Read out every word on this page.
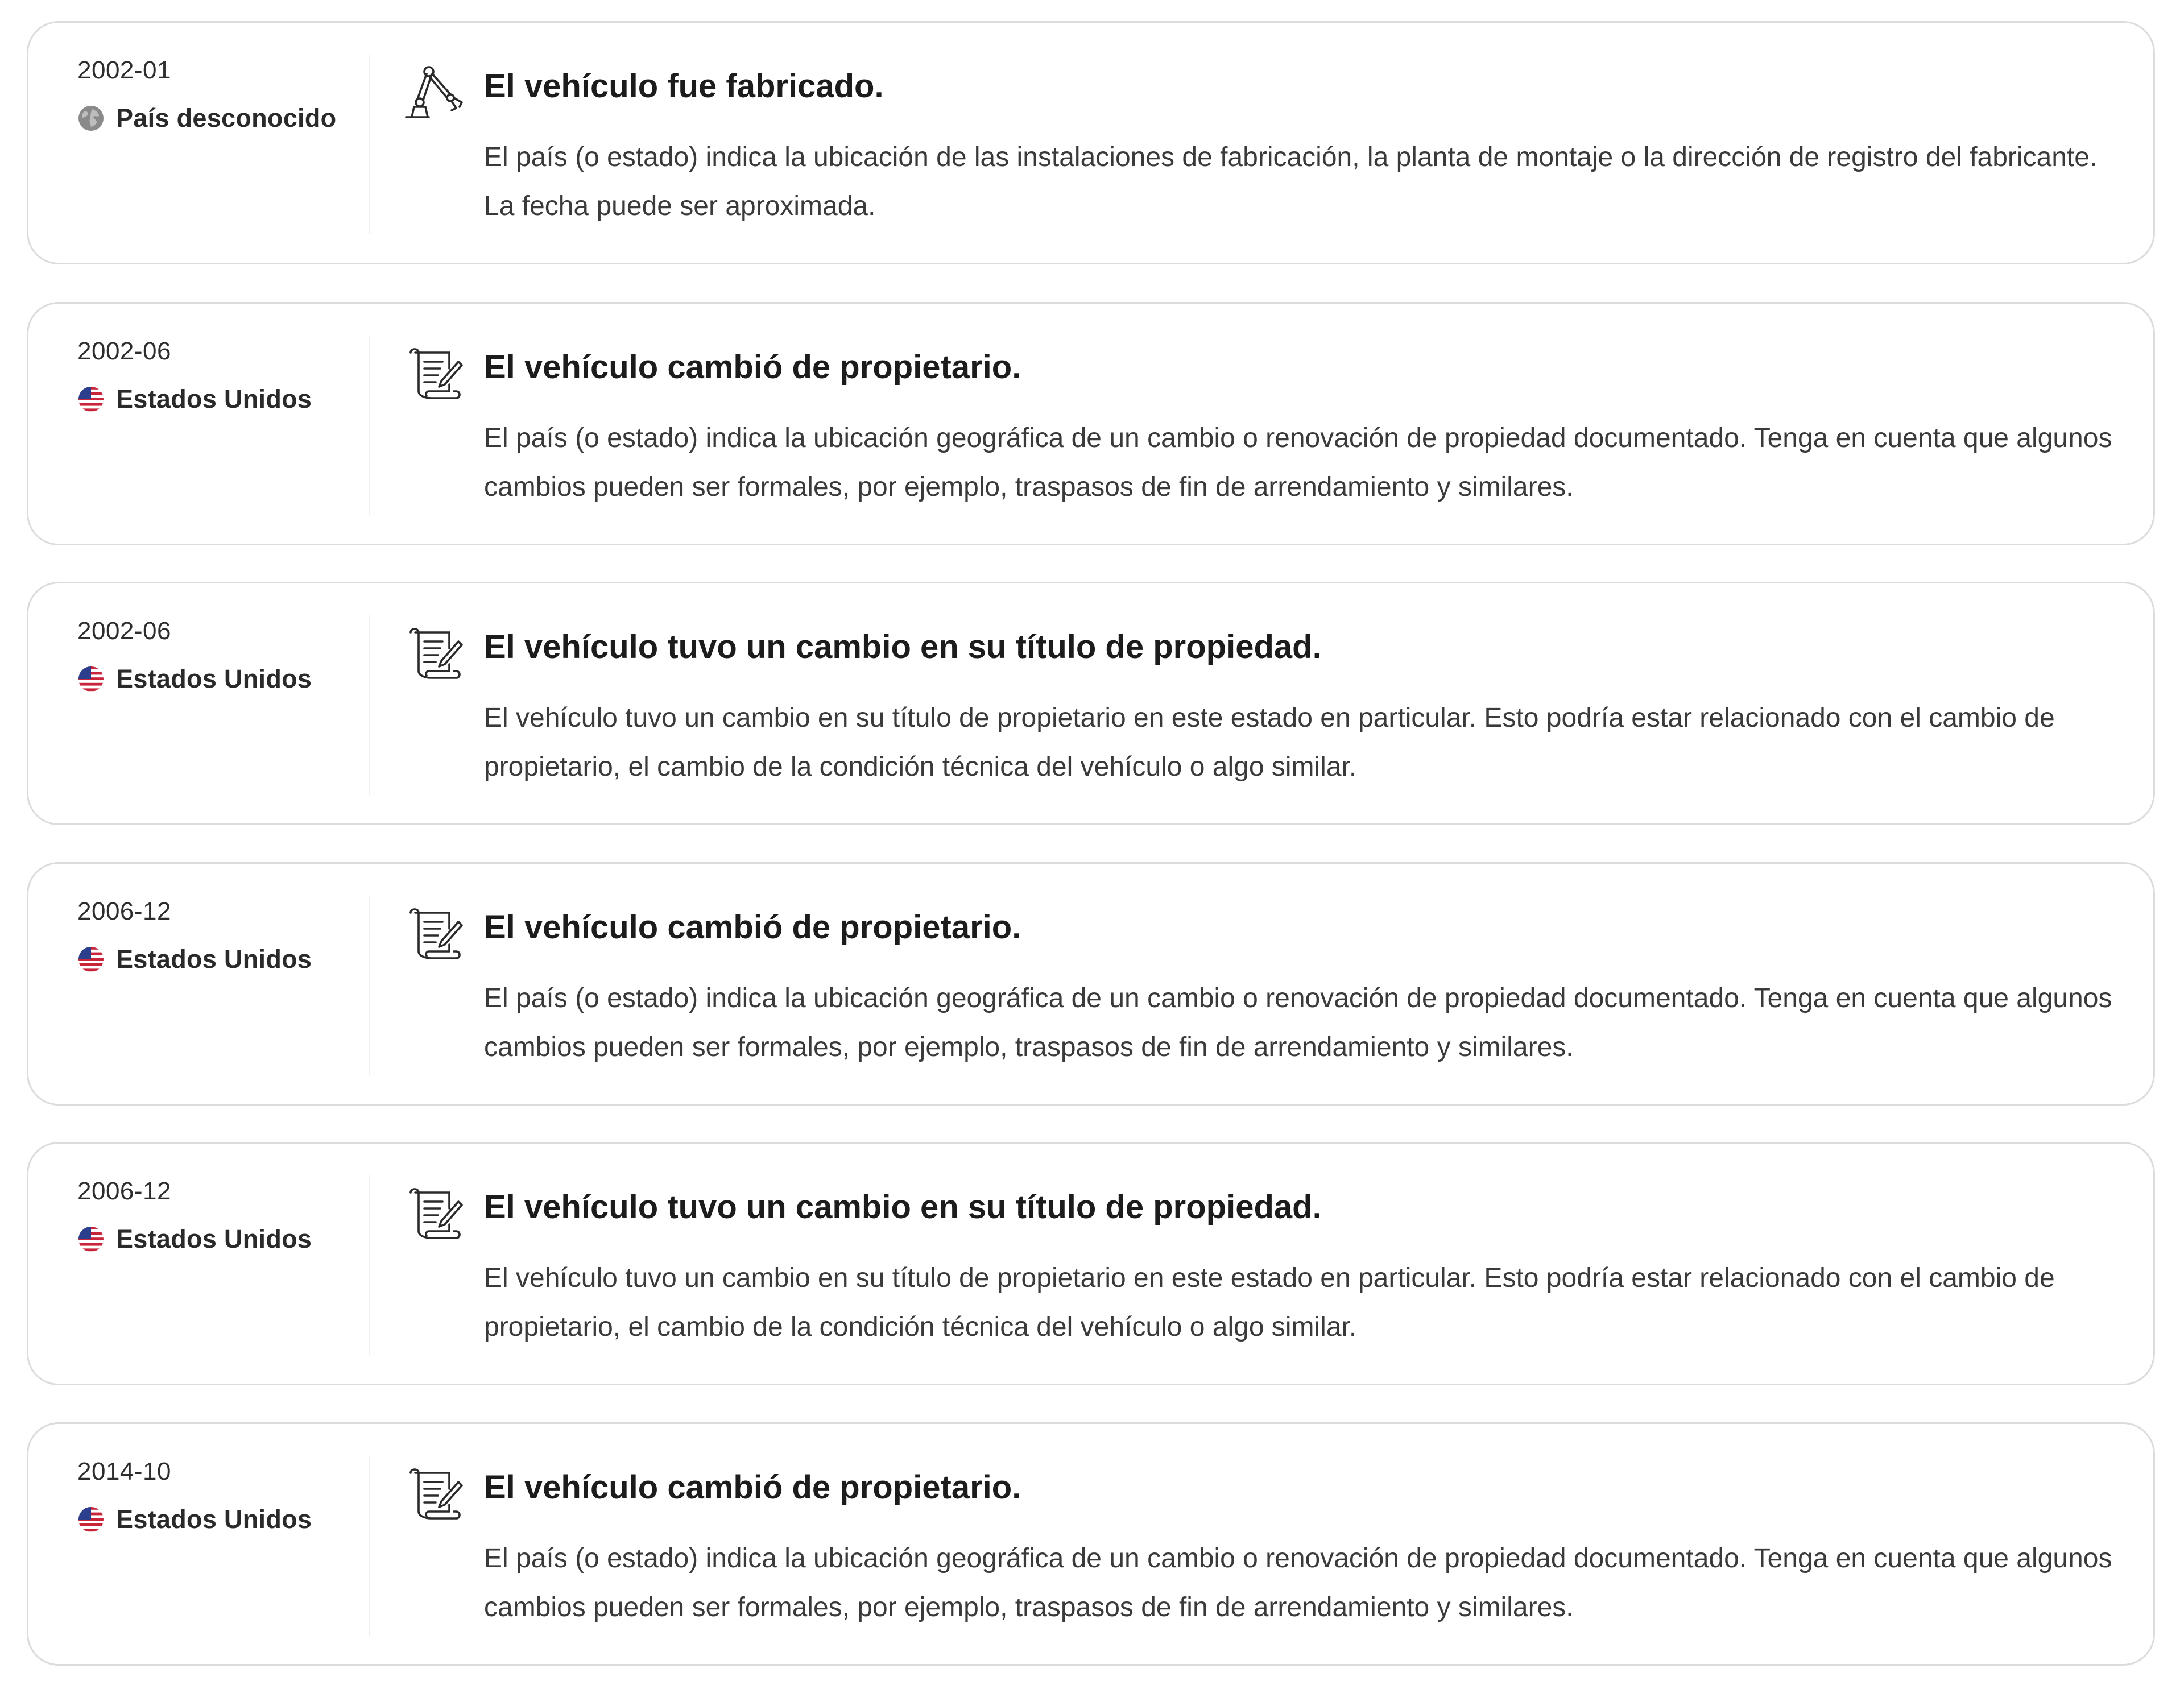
2002-01
País desconocido
El vehículo fue fabricado.

El país (o estado) indica la ubicación de las instalaciones de fabricación, la planta de montaje o la dirección de registro del fabricante. La fecha puede ser aproximada.

2002-06
Estados Unidos
El vehículo cambió de propietario.

El país (o estado) indica la ubicación geográfica de un cambio o renovación de propiedad documentado. Tenga en cuenta que algunos cambios pueden ser formales, por ejemplo, traspasos de fin de arrendamiento y similares.

2002-06
Estados Unidos
El vehículo tuvo un cambio en su título de propiedad.

El vehículo tuvo un cambio en su título de propietario en este estado en particular. Esto podría estar relacionado con el cambio de propietario, el cambio de la condición técnica del vehículo o algo similar.

2006-12
Estados Unidos
El vehículo cambió de propietario.

El país (o estado) indica la ubicación geográfica de un cambio o renovación de propiedad documentado. Tenga en cuenta que algunos cambios pueden ser formales, por ejemplo, traspasos de fin de arrendamiento y similares.

2006-12
Estados Unidos
El vehículo tuvo un cambio en su título de propiedad.

El vehículo tuvo un cambio en su título de propietario en este estado en particular. Esto podría estar relacionado con el cambio de propietario, el cambio de la condición técnica del vehículo o algo similar.

2014-10
Estados Unidos
El vehículo cambió de propietario.

El país (o estado) indica la ubicación geográfica de un cambio o renovación de propiedad documentado. Tenga en cuenta que algunos cambios pueden ser formales, por ejemplo, traspasos de fin de arrendamiento y similares.
